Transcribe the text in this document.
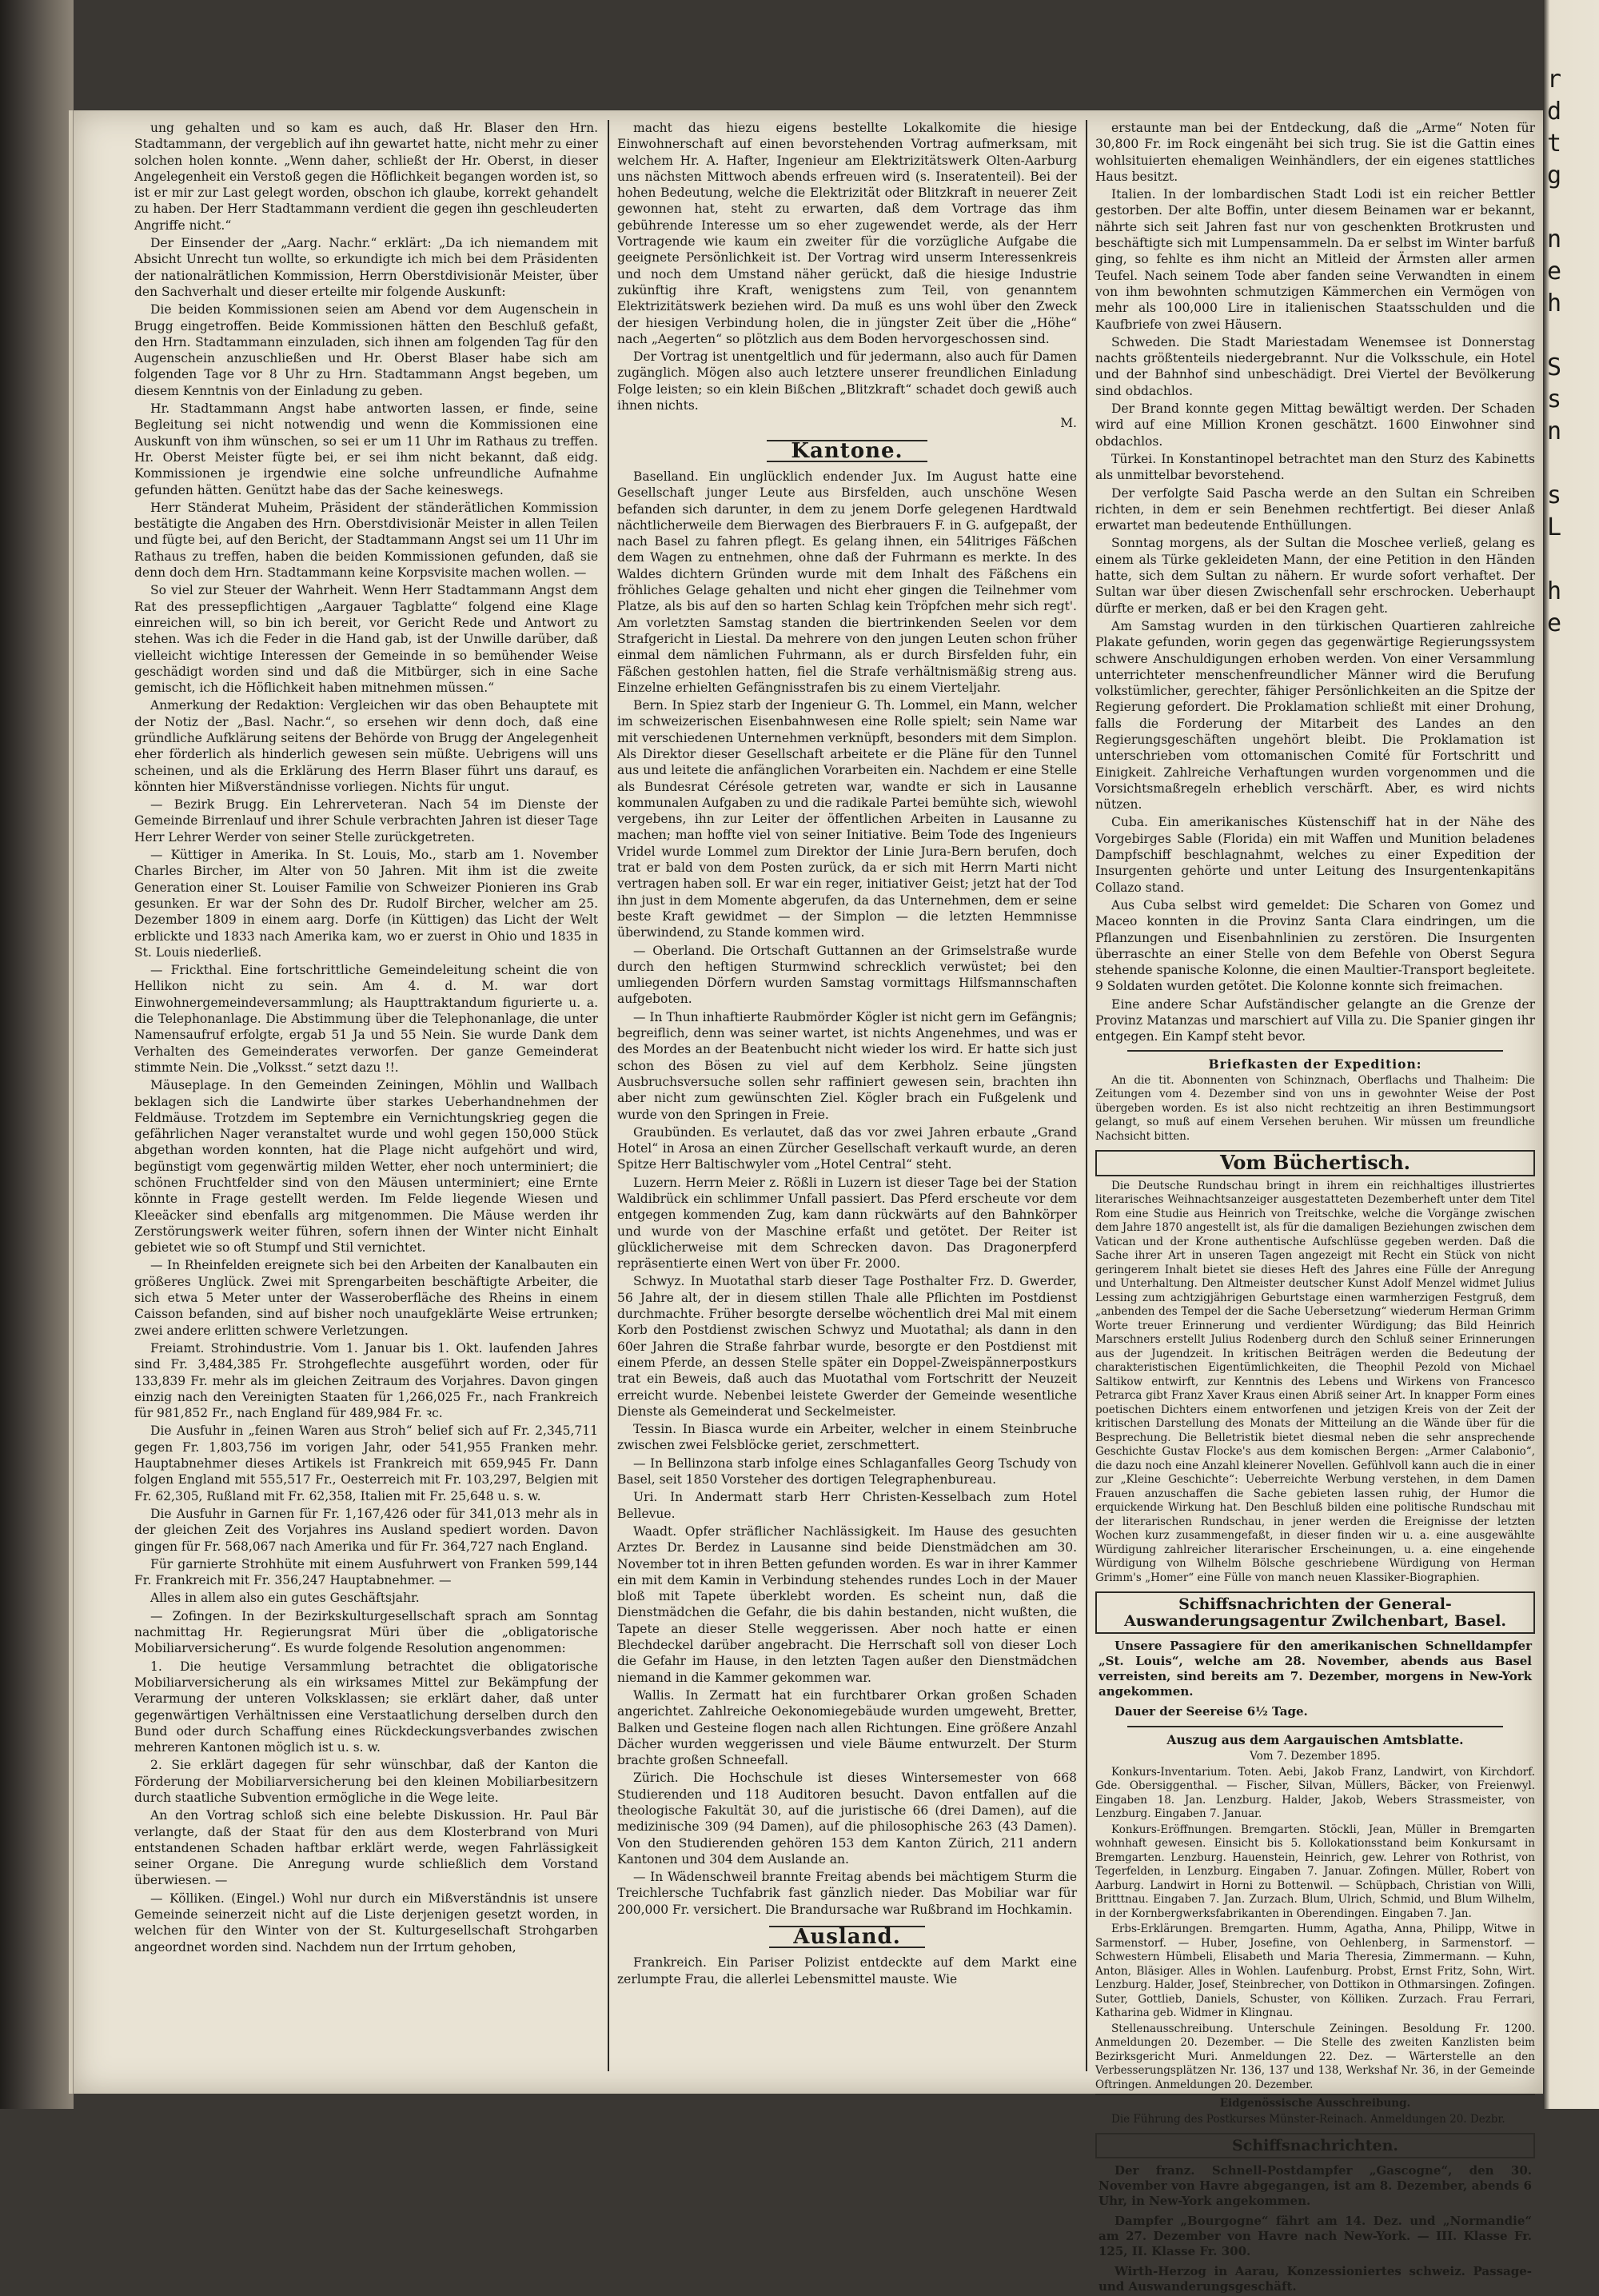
r
d
t
g

n
e
h

S
s
n

s
L

h
e

ung gehalten und so kam es auch, daß Hr. Blaser den Hrn. Stadtammann, der vergeblich auf ihn gewartet hatte, nicht mehr zu einer solchen holen konnte. „Wenn daher, schließt der Hr. Oberst, in dieser Angelegenheit ein Verstoß gegen die Höflichkeit begangen worden ist, so ist er mir zur Last gelegt worden, obschon ich glaube, korrekt gehandelt zu haben. Der Herr Stadtammann verdient die gegen ihn geschleuderten Angriffe nicht.“

Der Einsender der „Aarg. Nachr.“ erklärt: „Da ich niemandem mit Absicht Unrecht tun wollte, so erkundigte ich mich bei dem Präsidenten der nationalrätlichen Kommission, Herrn Oberstdivisionär Meister, über den Sachverhalt und dieser erteilte mir folgende Auskunft:

Die beiden Kommissionen seien am Abend vor dem Augenschein in Brugg eingetroffen. Beide Kommissionen hätten den Beschluß gefaßt, den Hrn. Stadtammann einzuladen, sich ihnen am folgenden Tag für den Augenschein anzuschließen und Hr. Oberst Blaser habe sich am folgenden Tage vor 8 Uhr zu Hrn. Stadtammann Angst begeben, um diesem Kenntnis von der Einladung zu geben.

Hr. Stadtammann Angst habe antworten lassen, er finde, seine Begleitung sei nicht notwendig und wenn die Kommissionen eine Auskunft von ihm wünschen, so sei er um 11 Uhr im Rathaus zu treffen. Hr. Oberst Meister fügte bei, er sei ihm nicht bekannt, daß eidg. Kommissionen je irgendwie eine solche unfreundliche Aufnahme gefunden hätten. Genützt habe das der Sache keineswegs.

Herr Ständerat Muheim, Präsident der ständerätlichen Kommission bestätigte die Angaben des Hrn. Oberstdivisionär Meister in allen Teilen und fügte bei, auf den Bericht, der Stadtammann Angst sei um 11 Uhr im Rathaus zu treffen, haben die beiden Kommissionen gefunden, daß sie denn doch dem Hrn. Stadtammann keine Korpsvisite machen wollen. —

So viel zur Steuer der Wahrheit. Wenn Herr Stadtammann Angst dem Rat des pressepflichtigen „Aargauer Tagblatte“ folgend eine Klage einreichen will, so bin ich bereit, vor Gericht Rede und Antwort zu stehen. Was ich die Feder in die Hand gab, ist der Unwille darüber, daß vielleicht wichtige Interessen der Gemeinde in so bemühender Weise geschädigt worden sind und daß die Mitbürger, sich in eine Sache gemischt, ich die Höflichkeit haben mitnehmen müssen.“

Anmerkung der Redaktion: Vergleichen wir das oben Behauptete mit der Notiz der „Basl. Nachr.“, so ersehen wir denn doch, daß eine gründliche Aufklärung seitens der Behörde von Brugg der Angelegenheit eher förderlich als hinderlich gewesen sein müßte. Uebrigens will uns scheinen, und als die Erklärung des Herrn Blaser führt uns darauf, es könnten hier Mißverständnisse vorliegen. Nichts für ungut.

— Bezirk Brugg. Ein Lehrerveteran. Nach 54 im Dienste der Gemeinde Birrenlauf und ihrer Schule verbrachten Jahren ist dieser Tage Herr Lehrer Werder von seiner Stelle zurückgetreten.

— Küttiger in Amerika. In St. Louis, Mo., starb am 1. November Charles Bircher, im Alter von 50 Jahren. Mit ihm ist die zweite Generation einer St. Louiser Familie von Schweizer Pionieren ins Grab gesunken. Er war der Sohn des Dr. Rudolf Bircher, welcher am 25. Dezember 1809 in einem aarg. Dorfe (in Küttigen) das Licht der Welt erblickte und 1833 nach Amerika kam, wo er zuerst in Ohio und 1835 in St. Louis niederließ.

— Frickthal. Eine fortschrittliche Gemeindeleitung scheint die von Hellikon nicht zu sein. Am 4. d. M. war dort Einwohnergemeindeversammlung; als Haupttraktandum figurierte u. a. die Telephonanlage. Die Abstimmung über die Telephonanlage, die unter Namensaufruf erfolgte, ergab 51 Ja und 55 Nein. Sie wurde Dank dem Verhalten des Gemeinderates verworfen. Der ganze Gemeinderat stimmte Nein. Die „Volksst.“ setzt dazu !!.

Mäuseplage. In den Gemeinden Zeiningen, Möhlin und Wallbach beklagen sich die Landwirte über starkes Ueberhandnehmen der Feldmäuse. Trotzdem im Septembre ein Vernichtungskrieg gegen die gefährlichen Nager veranstaltet wurde und wohl gegen 150,000 Stück abgethan worden konnten, hat die Plage nicht aufgehört und wird, begünstigt vom gegenwärtig milden Wetter, eher noch unterminiert; die schönen Fruchtfelder sind von den Mäusen unterminiert; eine Ernte könnte in Frage gestellt werden. Im Felde liegende Wiesen und Kleeäcker sind ebenfalls arg mitgenommen. Die Mäuse werden ihr Zerstörungswerk weiter führen, sofern ihnen der Winter nicht Einhalt gebietet wie so oft Stumpf und Stil vernichtet.

— In Rheinfelden ereignete sich bei den Arbeiten der Kanalbauten ein größeres Unglück. Zwei mit Sprengarbeiten beschäftigte Arbeiter, die sich etwa 5 Meter unter der Wasseroberfläche des Rheins in einem Caisson befanden, sind auf bisher noch unaufgeklärte Weise ertrunken; zwei andere erlitten schwere Verletzungen.

Freiamt. Strohindustrie. Vom 1. Januar bis 1. Okt. laufenden Jahres sind Fr. 3,484,385 Fr. Strohgeflechte ausgeführt worden, oder für 133,839 Fr. mehr als im gleichen Zeitraum des Vorjahres. Davon gingen einzig nach den Vereinigten Staaten für 1,266,025 Fr., nach Frankreich für 981,852 Fr., nach England für 489,984 Fr. ꝛc.

Die Ausfuhr in „feinen Waren aus Stroh“ belief sich auf Fr. 2,345,711 gegen Fr. 1,803,756 im vorigen Jahr, oder 541,955 Franken mehr. Hauptabnehmer dieses Artikels ist Frankreich mit 659,945 Fr. Dann folgen England mit 555,517 Fr., Oesterreich mit Fr. 103,297, Belgien mit Fr. 62,305, Rußland mit Fr. 62,358, Italien mit Fr. 25,648 u. s. w.

Die Ausfuhr in Garnen für Fr. 1,167,426 oder für 341,013 mehr als in der gleichen Zeit des Vorjahres ins Ausland spediert worden. Davon gingen für Fr. 568,067 nach Amerika und für Fr. 364,727 nach England.

Für garnierte Strohhüte mit einem Ausfuhrwert von Franken 599,144 Fr. Frankreich mit Fr. 356,247 Hauptabnehmer. —

Alles in allem also ein gutes Geschäftsjahr.

— Zofingen. In der Bezirkskulturgesellschaft sprach am Sonntag nachmittag Hr. Regierungsrat Müri über die „obligatorische Mobiliarversicherung“. Es wurde folgende Resolution angenommen:

1. Die heutige Versammlung betrachtet die obligatorische Mobiliarversicherung als ein wirksames Mittel zur Bekämpfung der Verarmung der unteren Volksklassen; sie erklärt daher, daß unter gegenwärtigen Verhältnissen eine Verstaatlichung derselben durch den Bund oder durch Schaffung eines Rückdeckungsverbandes zwischen mehreren Kantonen möglich ist u. s. w.

2. Sie erklärt dagegen für sehr wünschbar, daß der Kanton die Förderung der Mobiliarversicherung bei den kleinen Mobiliarbesitzern durch staatliche Subvention ermögliche in die Wege leite.

An den Vortrag schloß sich eine belebte Diskussion. Hr. Paul Bär verlangte, daß der Staat für den aus dem Klosterbrand von Muri entstandenen Schaden haftbar erklärt werde, wegen Fahrlässigkeit seiner Organe. Die Anregung wurde schließlich dem Vorstand überwiesen. —

— Kölliken. (Eingel.) Wohl nur durch ein Mißverständnis ist unsere Gemeinde seinerzeit nicht auf die Liste derjenigen gesetzt worden, in welchen für den Winter von der St. Kulturgesellschaft Strohgarben angeordnet worden sind. Nachdem nun der Irrtum gehoben,

macht das hiezu eigens bestellte Lokalkomite die hiesige Einwohnerschaft auf einen bevorstehenden Vortrag aufmerksam, mit welchem Hr. A. Hafter, Ingenieur am Elektrizitätswerk Olten-Aarburg uns nächsten Mittwoch abends erfreuen wird (s. Inseratenteil). Bei der hohen Bedeutung, welche die Elektrizität oder Blitzkraft in neuerer Zeit gewonnen hat, steht zu erwarten, daß dem Vortrage das ihm gebührende Interesse um so eher zugewendet werde, als der Herr Vortragende wie kaum ein zweiter für die vorzügliche Aufgabe die geeignete Persönlichkeit ist. Der Vortrag wird unserm Interessenkreis und noch dem Umstand näher gerückt, daß die hiesige Industrie zukünftig ihre Kraft, wenigstens zum Teil, von genanntem Elektrizitätswerk beziehen wird. Da muß es uns wohl über den Zweck der hiesigen Verbindung holen, die in jüngster Zeit über die „Höhe“ nach „Aegerten“ so plötzlich aus dem Boden hervorgeschossen sind.

Der Vortrag ist unentgeltlich und für jedermann, also auch für Damen zugänglich. Mögen also auch letztere unserer freundlichen Einladung Folge leisten; so ein klein Bißchen „Blitzkraft“ schadet doch gewiß auch ihnen nichts.

M.

Kantone.

Baselland. Ein unglücklich endender Jux. Im August hatte eine Gesellschaft junger Leute aus Birsfelden, auch unschöne Wesen befanden sich darunter, in dem zu jenem Dorfe gelegenen Hardtwald nächtlicherweile dem Bierwagen des Bierbrauers F. in G. aufgepaßt, der nach Basel zu fahren pflegt. Es gelang ihnen, ein 54litriges Fäßchen dem Wagen zu entnehmen, ohne daß der Fuhrmann es merkte. In des Waldes dichtern Gründen wurde mit dem Inhalt des Fäßchens ein fröhliches Gelage gehalten und nicht eher gingen die Teilnehmer vom Platze, als bis auf den so harten Schlag kein Tröpfchen mehr sich regt'. Am vorletzten Samstag standen die biertrinkenden Seelen vor dem Strafgericht in Liestal. Da mehrere von den jungen Leuten schon früher einmal dem nämlichen Fuhrmann, als er durch Birsfelden fuhr, ein Fäßchen gestohlen hatten, fiel die Strafe verhältnismäßig streng aus. Einzelne erhielten Gefängnisstrafen bis zu einem Vierteljahr.

Bern. In Spiez starb der Ingenieur G. Th. Lommel, ein Mann, welcher im schweizerischen Eisenbahnwesen eine Rolle spielt; sein Name war mit verschiedenen Unternehmen verknüpft, besonders mit dem Simplon. Als Direktor dieser Gesellschaft arbeitete er die Pläne für den Tunnel aus und leitete die anfänglichen Vorarbeiten ein. Nachdem er eine Stelle als Bundesrat Cérésole getreten war, wandte er sich in Lausanne kommunalen Aufgaben zu und die radikale Partei bemühte sich, wiewohl vergebens, ihn zur Leiter der öffentlichen Arbeiten in Lausanne zu machen; man hoffte viel von seiner Initiative. Beim Tode des Ingenieurs Vridel wurde Lommel zum Direktor der Linie Jura-Bern berufen, doch trat er bald von dem Posten zurück, da er sich mit Herrn Marti nicht vertragen haben soll. Er war ein reger, initiativer Geist; jetzt hat der Tod ihn just in dem Momente abgerufen, da das Unternehmen, dem er seine beste Kraft gewidmet — der Simplon — die letzten Hemmnisse überwindend, zu Stande kommen wird.

— Oberland. Die Ortschaft Guttannen an der Grimselstraße wurde durch den heftigen Sturmwind schrecklich verwüstet; bei den umliegenden Dörfern wurden Samstag vormittags Hilfsmannschaften aufgeboten.

— In Thun inhaftierte Raubmörder Kögler ist nicht gern im Gefängnis; begreiflich, denn was seiner wartet, ist nichts Angenehmes, und was er des Mordes an der Beatenbucht nicht wieder los wird. Er hatte sich just schon des Bösen zu viel auf dem Kerbholz. Seine jüngsten Ausbruchsversuche sollen sehr raffiniert gewesen sein, brachten ihn aber nicht zum gewünschten Ziel. Kögler brach ein Fußgelenk und wurde von den Springen in Freie.

Graubünden. Es verlautet, daß das vor zwei Jahren erbaute „Grand Hotel“ in Arosa an einen Zürcher Gesellschaft verkauft wurde, an deren Spitze Herr Baltischwyler vom „Hotel Central“ steht.

Luzern. Herrn Meier z. Rößli in Luzern ist dieser Tage bei der Station Waldibrück ein schlimmer Unfall passiert. Das Pferd erscheute vor dem entgegen kommenden Zug, kam dann rückwärts auf den Bahnkörper und wurde von der Maschine erfaßt und getötet. Der Reiter ist glücklicherweise mit dem Schrecken davon. Das Dragonerpferd repräsentierte einen Wert von über Fr. 2000.

Schwyz. In Muotathal starb dieser Tage Posthalter Frz. D. Gwerder, 56 Jahre alt, der in diesem stillen Thale alle Pflichten im Postdienst durchmachte. Früher besorgte derselbe wöchentlich drei Mal mit einem Korb den Postdienst zwischen Schwyz und Muotathal; als dann in den 60er Jahren die Straße fahrbar wurde, besorgte er den Postdienst mit einem Pferde, an dessen Stelle später ein Doppel-Zweispännerpostkurs trat ein Beweis, daß auch das Muotathal vom Fortschritt der Neuzeit erreicht wurde. Nebenbei leistete Gwerder der Gemeinde wesentliche Dienste als Gemeinderat und Seckelmeister.

Tessin. In Biasca wurde ein Arbeiter, welcher in einem Steinbruche zwischen zwei Felsblöcke geriet, zerschmettert.

— In Bellinzona starb infolge eines Schlaganfalles Georg Tschudy von Basel, seit 1850 Vorsteher des dortigen Telegraphenbureau.

Uri. In Andermatt starb Herr Christen-Kesselbach zum Hotel Bellevue.

Waadt. Opfer sträflicher Nachlässigkeit. Im Hause des gesuchten Arztes Dr. Berdez in Lausanne sind beide Dienstmädchen am 30. November tot in ihren Betten gefunden worden. Es war in ihrer Kammer ein mit dem Kamin in Verbindung stehendes rundes Loch in der Mauer bloß mit Tapete überklebt worden. Es scheint nun, daß die Dienstmädchen die Gefahr, die bis dahin bestanden, nicht wußten, die Tapete an dieser Stelle weggerissen. Aber noch hatte er einen Blechdeckel darüber angebracht. Die Herrschaft soll von dieser Loch die Gefahr im Hause, in den letzten Tagen außer den Dienstmädchen niemand in die Kammer gekommen war.

Wallis. In Zermatt hat ein furchtbarer Orkan großen Schaden angerichtet. Zahlreiche Oekonomiegebäude wurden umgeweht, Bretter, Balken und Gesteine flogen nach allen Richtungen. Eine größere Anzahl Dächer wurden weggerissen und viele Bäume entwurzelt. Der Sturm brachte großen Schneefall.

Zürich. Die Hochschule ist dieses Wintersemester von 668 Studierenden und 118 Auditoren besucht. Davon entfallen auf die theologische Fakultät 30, auf die juristische 66 (drei Damen), auf die medizinische 309 (94 Damen), auf die philosophische 263 (43 Damen). Von den Studierenden gehören 153 dem Kanton Zürich, 211 andern Kantonen und 304 dem Auslande an.

— In Wädenschweil brannte Freitag abends bei mächtigem Sturm die Treichlersche Tuchfabrik fast gänzlich nieder. Das Mobiliar war für 200,000 Fr. versichert. Die Brandursache war Rußbrand im Hochkamin.

Ausland.

Frankreich. Ein Pariser Polizist entdeckte auf dem Markt eine zerlumpte Frau, die allerlei Lebensmittel mauste. Wie

erstaunte man bei der Entdeckung, daß die „Arme“ Noten für 30,800 Fr. im Rock eingenäht bei sich trug. Sie ist die Gattin eines wohlsituierten ehemaligen Weinhändlers, der ein eigenes stattliches Haus besitzt.

Italien. In der lombardischen Stadt Lodi ist ein reicher Bettler gestorben. Der alte Boffin, unter diesem Beinamen war er bekannt, nährte sich seit Jahren fast nur von geschenkten Brotkrusten und beschäftigte sich mit Lumpensammeln. Da er selbst im Winter barfuß ging, so fehlte es ihm nicht an Mitleid der Ärmsten aller armen Teufel. Nach seinem Tode aber fanden seine Verwandten in einem von ihm bewohnten schmutzigen Kämmerchen ein Vermögen von mehr als 100,000 Lire in italienischen Staatsschulden und die Kaufbriefe von zwei Häusern.

Schweden. Die Stadt Mariestadam Wenemsee ist Donnerstag nachts größtenteils niedergebrannt. Nur die Volksschule, ein Hotel und der Bahnhof sind unbeschädigt. Drei Viertel der Bevölkerung sind obdachlos.

Der Brand konnte gegen Mittag bewältigt werden. Der Schaden wird auf eine Million Kronen geschätzt. 1600 Einwohner sind obdachlos.

Türkei. In Konstantinopel betrachtet man den Sturz des Kabinetts als unmittelbar bevorstehend.

Der verfolgte Said Pascha werde an den Sultan ein Schreiben richten, in dem er sein Benehmen rechtfertigt. Bei dieser Anlaß erwartet man bedeutende Enthüllungen.

Sonntag morgens, als der Sultan die Moschee verließ, gelang es einem als Türke gekleideten Mann, der eine Petition in den Händen hatte, sich dem Sultan zu nähern. Er wurde sofort verhaftet. Der Sultan war über diesen Zwischenfall sehr erschrocken. Ueberhaupt dürfte er merken, daß er bei den Kragen geht.

Am Samstag wurden in den türkischen Quartieren zahlreiche Plakate gefunden, worin gegen das gegenwärtige Regierungssystem schwere Anschuldigungen erhoben werden. Von einer Versammlung unterrichteter menschenfreundlicher Männer wird die Berufung volkstümlicher, gerechter, fähiger Persönlichkeiten an die Spitze der Regierung gefordert. Die Proklamation schließt mit einer Drohung, falls die Forderung der Mitarbeit des Landes an den Regierungsgeschäften ungehört bleibt. Die Proklamation ist unterschrieben vom ottomanischen Comité für Fortschritt und Einigkeit. Zahlreiche Verhaftungen wurden vorgenommen und die Vorsichtsmaßregeln erheblich verschärft. Aber, es wird nichts nützen.

Cuba. Ein amerikanisches Küstenschiff hat in der Nähe des Vorgebirges Sable (Florida) ein mit Waffen und Munition beladenes Dampfschiff beschlagnahmt, welches zu einer Expedition der Insurgenten gehörte und unter Leitung des Insurgentenkapitäns Collazo stand.

Aus Cuba selbst wird gemeldet: Die Scharen von Gomez und Maceo konnten in die Provinz Santa Clara eindringen, um die Pflanzungen und Eisenbahnlinien zu zerstören. Die Insurgenten überraschte an einer Stelle von dem Befehle von Oberst Segura stehende spanische Kolonne, die einen Maultier-Transport begleitete. 9 Soldaten wurden getötet. Die Kolonne konnte sich freimachen.

Eine andere Schar Aufständischer gelangte an die Grenze der Provinz Matanzas und marschiert auf Villa zu. Die Spanier gingen ihr entgegen. Ein Kampf steht bevor.

Briefkasten der Expedition:

An die tit. Abonnenten von Schinznach, Oberflachs und Thalheim: Die Zeitungen vom 4. Dezember sind von uns in gewohnter Weise der Post übergeben worden. Es ist also nicht rechtzeitig an ihren Bestimmungsort gelangt, so muß auf einem Versehen beruhen. Wir müssen um freundliche Nachsicht bitten.

Vom Büchertisch.

Die Deutsche Rundschau bringt in ihrem ein reichhaltiges illustriertes literarisches Weihnachtsanzeiger ausgestatteten Dezemberheft unter dem Titel Rom eine Studie aus Heinrich von Treitschke, welche die Vorgänge zwischen dem Jahre 1870 angestellt ist, als für die damaligen Beziehungen zwischen dem Vatican und der Krone authentische Aufschlüsse gegeben werden. Daß die Sache ihrer Art in unseren Tagen angezeigt mit Recht ein Stück von nicht geringerem Inhalt bietet sie dieses Heft des Jahres eine Fülle der Anregung und Unterhaltung. Den Altmeister deutscher Kunst Adolf Menzel widmet Julius Lessing zum achtzigjährigen Geburtstage einen warmherzigen Festgruß, dem „anbenden des Tempel der die Sache Uebersetzung“ wiederum Herman Grimm Worte treuer Erinnerung und verdienter Würdigung; das Bild Heinrich Marschners erstellt Julius Rodenberg durch den Schluß seiner Erinnerungen aus der Jugendzeit. In kritischen Beiträgen werden die Bedeutung der charakteristischen Eigentümlichkeiten, die Theophil Pezold von Michael Saltikow entwirft, zur Kenntnis des Lebens und Wirkens von Francesco Petrarca gibt Franz Xaver Kraus einen Abriß seiner Art. In knapper Form eines poetischen Dichters einem entworfenen und jetzigen Kreis von der Zeit der kritischen Darstellung des Monats der Mitteilung an die Wände über für die Besprechung. Die Belletristik bietet diesmal neben die sehr ansprechende Geschichte Gustav Flocke's aus dem komischen Bergen: „Armer Calabonio“, die dazu noch eine Anzahl kleinerer Novellen. Gefühlvoll kann auch die in einer zur „Kleine Geschichte“: Ueberreichte Werbung verstehen, in dem Damen Frauen anzuschaffen die Sache gebieten lassen ruhig, der Humor die erquickende Wirkung hat. Den Beschluß bilden eine politische Rundschau mit der literarischen Rundschau, in jener werden die Ereignisse der letzten Wochen kurz zusammengefaßt, in dieser finden wir u. a. eine ausgewählte Würdigung zahlreicher literarischer Erscheinungen, u. a. eine eingehende Würdigung von Wilhelm Bölsche geschriebene Würdigung von Herman Grimm's „Homer“ eine Fülle von manch neuen Klassiker-Biographien.

Schiffsnachrichten der General-Auswanderungsagentur Zwilchenbart, Basel.

Unsere Passagiere für den amerikanischen Schnelldampfer „St. Louis“, welche am 28. November, abends aus Basel verreisten, sind bereits am 7. Dezember, morgens in New-York angekommen.

Dauer der Seereise 6½ Tage.

Auszug aus dem Aargauischen Amtsblatte.

Vom 7. Dezember 1895.

Konkurs-Inventarium. Toten. Aebi, Jakob Franz, Landwirt, von Kirchdorf. Gde. Obersiggenthal. — Fischer, Silvan, Müllers, Bäcker, von Freienwyl. Eingaben 18. Jan. Lenzburg. Halder, Jakob, Webers Strassmeister, von Lenzburg. Eingaben 7. Januar.

Konkurs-Eröffnungen. Bremgarten. Stöckli, Jean, Müller in Bremgarten wohnhaft gewesen. Einsicht bis 5. Kollokationsstand beim Konkursamt in Bremgarten. Lenzburg. Hauenstein, Heinrich, gew. Lehrer von Rothrist, von Tegerfelden, in Lenzburg. Eingaben 7. Januar. Zofingen. Müller, Robert von Aarburg. Landwirt in Horni zu Bottenwil. — Schüpbach, Christian von Willi, Britttnau. Eingaben 7. Jan. Zurzach. Blum, Ulrich, Schmid, und Blum Wilhelm, in der Kornbergwerksfabrikanten in Oberendingen. Eingaben 7. Jan.

Erbs-Erklärungen. Bremgarten. Humm, Agatha, Anna, Philipp, Witwe in Sarmenstorf. — Huber, Josefine, von Oehlenberg, in Sarmenstorf. — Schwestern Hümbeli, Elisabeth und Maria Theresia, Zimmermann. — Kuhn, Anton, Bläsiger. Alles in Wohlen. Laufenburg. Probst, Ernst Fritz, Sohn, Wirt. Lenzburg. Halder, Josef, Steinbrecher, von Dottikon in Othmarsingen. Zofingen. Suter, Gottlieb, Daniels, Schuster, von Kölliken. Zurzach. Frau Ferrari, Katharina geb. Widmer in Klingnau.

Stellenausschreibung. Unterschule Zeiningen. Besoldung Fr. 1200. Anmeldungen 20. Dezember. — Die Stelle des zweiten Kanzlisten beim Bezirksgericht Muri. Anmeldungen 22. Dez. — Wärterstelle an den Verbesserungsplätzen Nr. 136, 137 und 138, Werkshaf Nr. 36, in der Gemeinde Oftringen. Anmeldungen 20. Dezember.

Eidgenössische Ausschreibung.

Die Führung des Postkurses Münster-Reinach. Anmeldungen 20. Dezbr.

Schiffsnachrichten.

Der franz. Schnell-Postdampfer „Gascogne“, den 30. November von Havre abgegangen, ist am 8. Dezember, abends 6 Uhr, in New-York angekommen.

Dampfer „Bourgogne“ fährt am 14. Dez. und „Normandie“ am 27. Dezember von Havre nach New-York. — III. Klasse Fr. 125, II. Klasse Fr. 300.

Wirth-Herzog in Aarau, Konzessioniertes schweiz. Passage- und Auswanderungsgeschäft.
